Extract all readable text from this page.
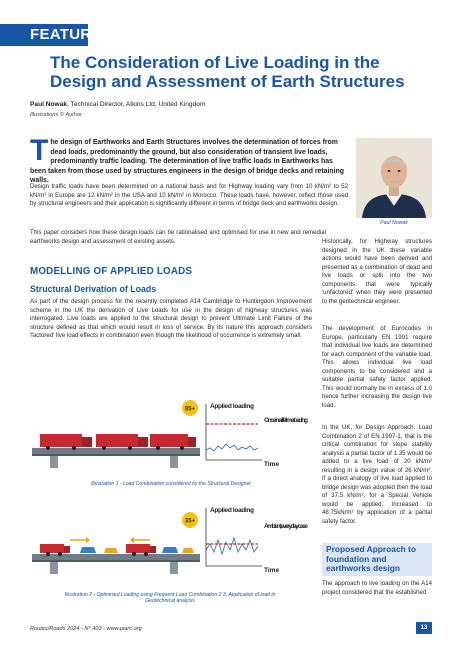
FEATURES
The Consideration of Live Loading in the Design and Assessment of Earth Structures
Paul Nowak, Technical Director, Atkins Ltd, United Kingdom
Illustrations © Author
The design of Earthworks and Earth Structures involves the determination of forces from dead loads, predominantly the ground, but also consideration of transient live loads, predominantly traffic loading. The determination of live traffic loads in Earthworks has been taken from those used by structures engineers in the design of bridge decks and retaining walls.
Design traffic loads have been determined on a national basis and for Highway loading vary from 10 kN/m² to 52 kN/m² in Europe are 12 kN/m² in the USA and 10 kN/m² in Morocco. These loads have, however, reflect those used by structural engineers and their application is significantly different in terms of bridge deck and earthworks design.
This paper considers how these design loads can be rationalised and optimised for use in new and remedial earthworks design and assessment of existing assets.
Paul Nowak
MODELLING OF APPLIED LOADS
Structural Derivation of Loads
As part of the design process for the recently completed A14 Cambridge to Huntingdon Improvement scheme in the UK the derivation of Live Loads for use in the design of highway structures was interrogated. Live loads are applied to the structural design to prevent Ultimate Limit Failure of the structure defined as that which would result in loss of service. By its nature this approach considers 'factored' live load effects in combination even though the likelihood of occurrence is extremely small.
85+ Applied loading
Once in a lifetime loading
Time
Illustration 1 - Load Combination considered by the Structural Designer
35+
Applied loading
Ambient, everyday case
Time
Illustration 2 - Optimised Loading using Frequent Load Combination 2.3. Application of load in Geotechnical analysis
Historically, for Highway structures designed in the UK these variable actions would have been derived and presented as a combination of dead and live loads or split into the two components that were typically 'unfactored' when they were presented to the geotechnical engineer.
The development of Eurocodes in Europe, particularly EN 1991 require that individual live loads are determined for each component of the variable load. This allows individual live load components to be considered and a suitable partial safety factor applied. This would normally be in excess of 1.0 hence further increasing the design live load.
In the UK, for Design Approach, Load Combination 2 of EN 1997-1, that is the critical combination for slope stability analysis a partial factor of 1.35 would be added to a live load of 20 kN/m² resulting in a design value of 26 kN/m². If a direct analogy of live load applied to bridge design was adopted then the load of 37.5 kN/m², for a Special Vehicle would be applied, increased to 48.75kN/m² by application of a partial safety factor.
Proposed Approach to foundation and earthworks design
The approach to live loading on the A14 project considered that the established
Routes/Roads 2024 - N° 403 - www.piarc.org	13
